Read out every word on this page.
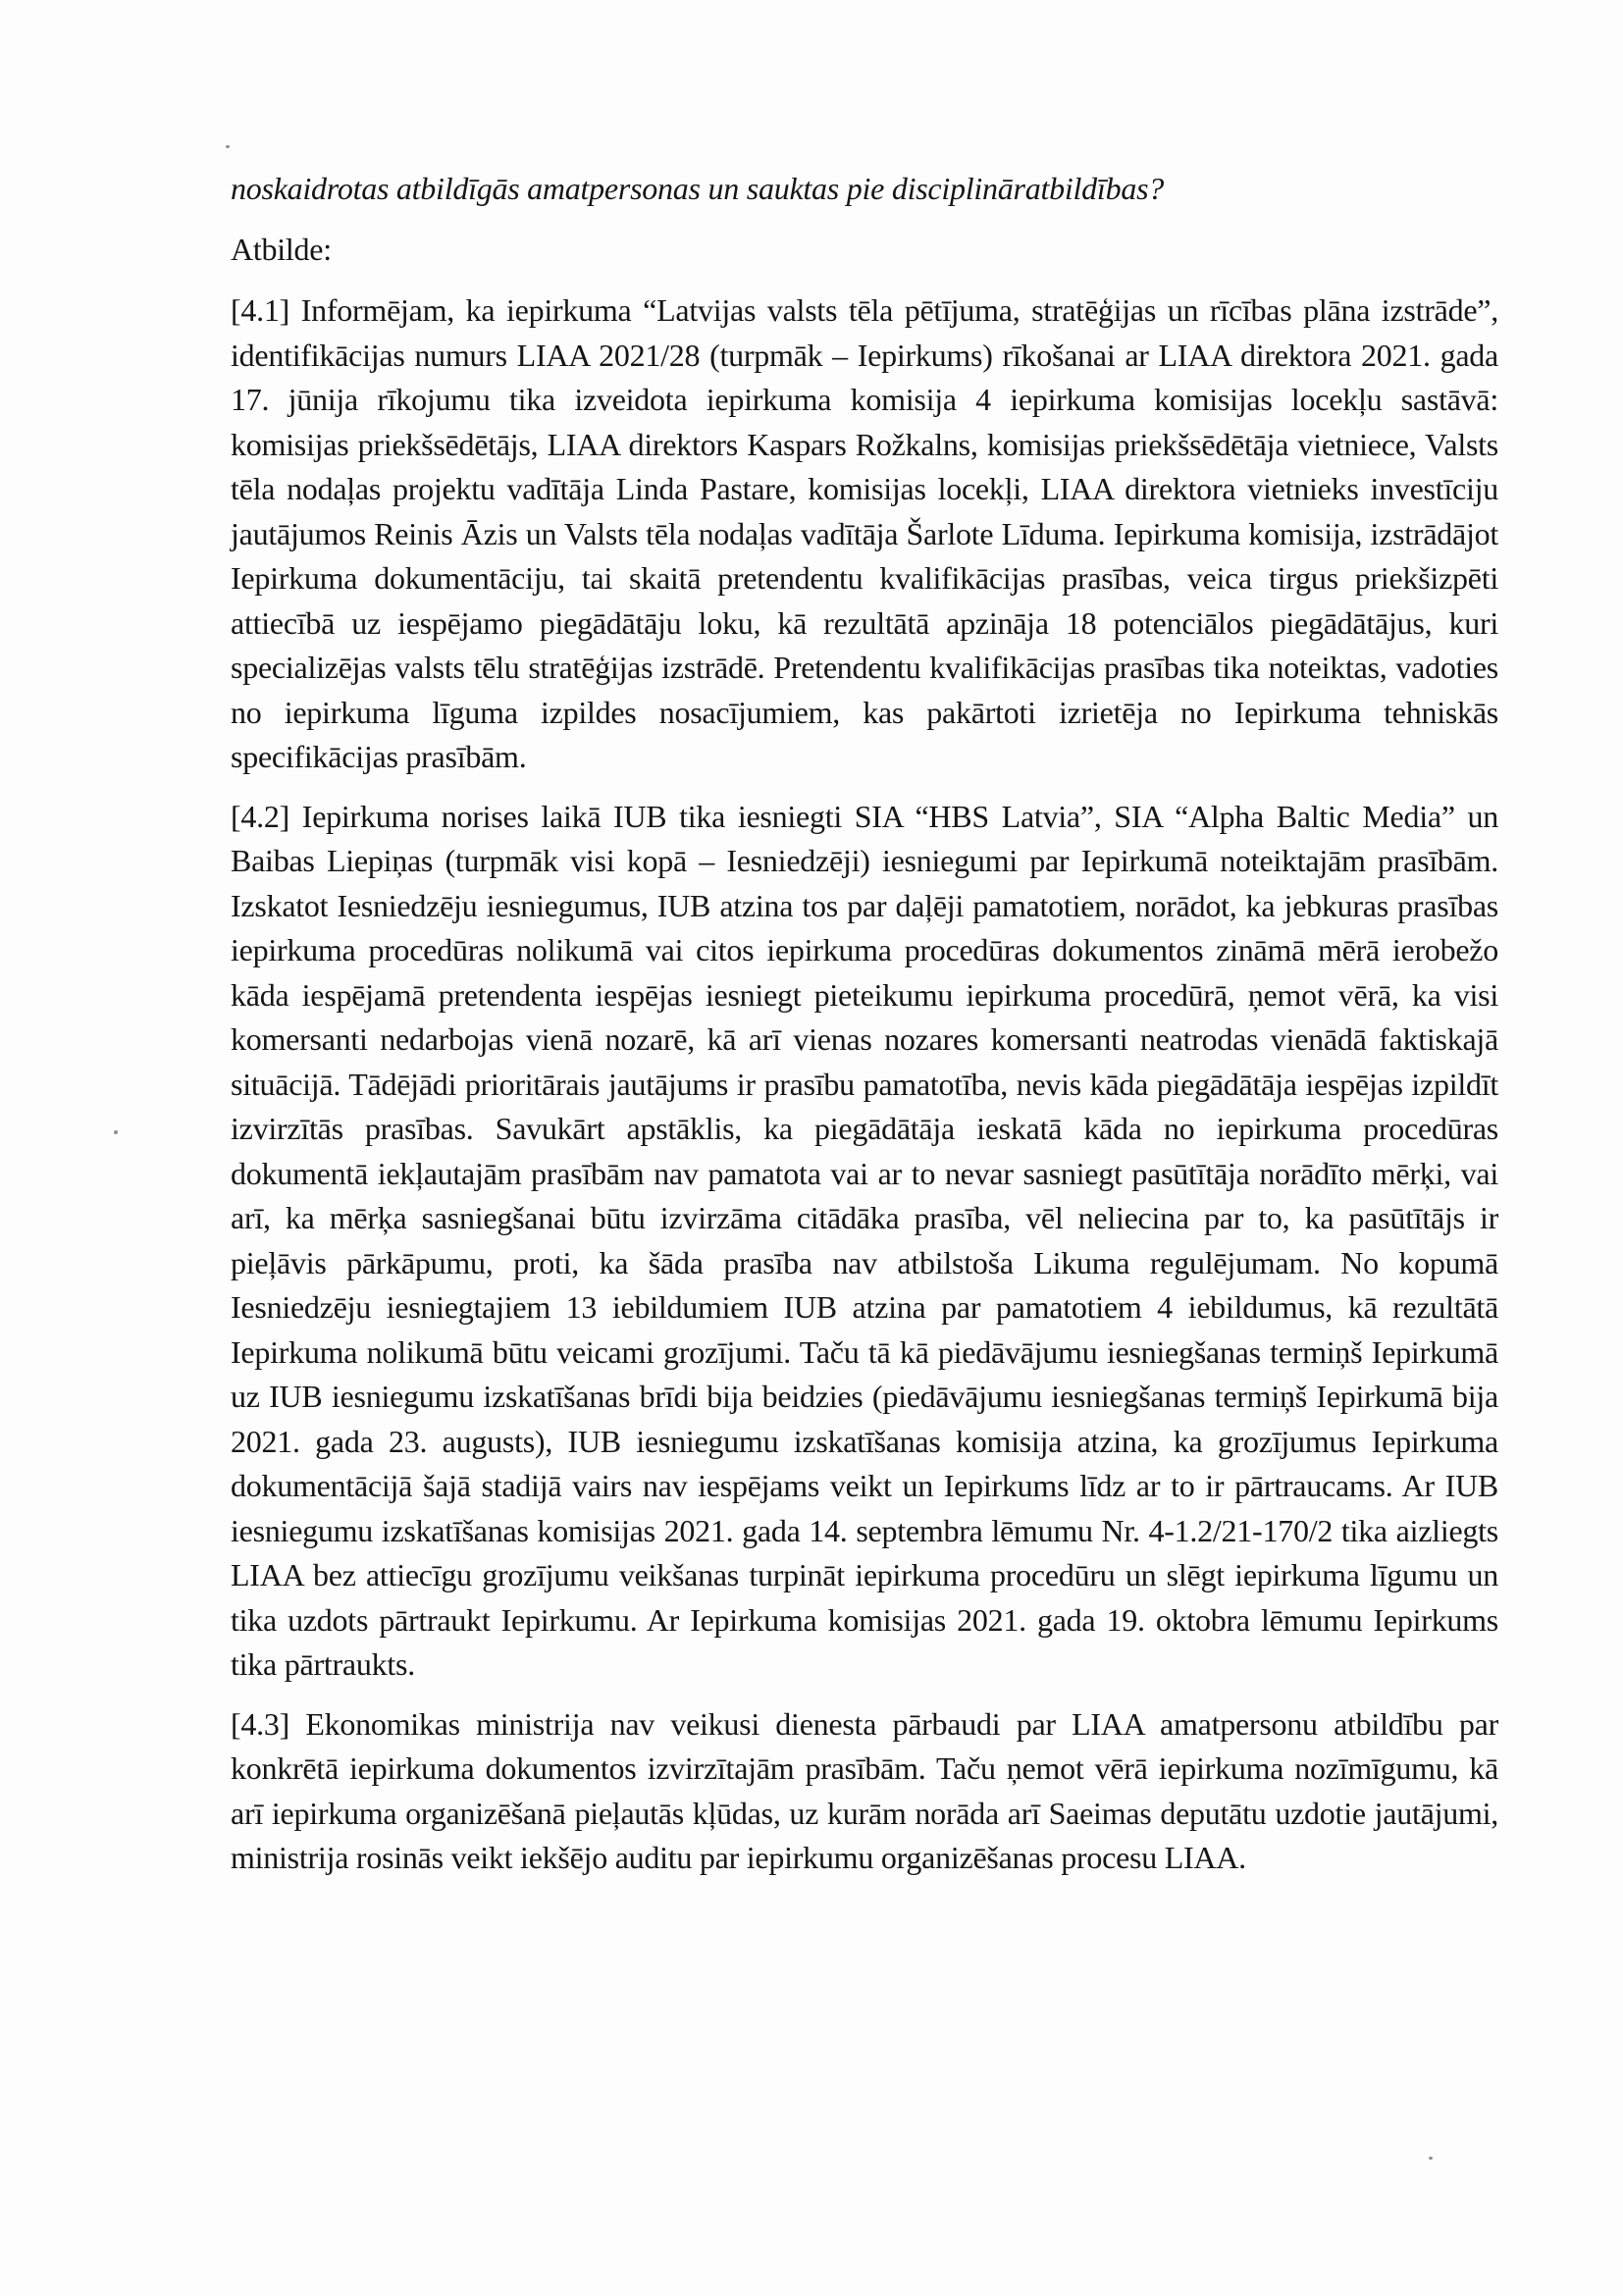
noskaidrotas atbildīgās amatpersonas un sauktas pie disciplināratbildības?

Atbilde:

[4.1] Informējam, ka iepirkuma “Latvijas valsts tēla pētījuma, stratēģijas un rīcības plāna izstrāde”, identifikācijas numurs LIAA 2021/28 (turpmāk – Iepirkums) rīkošanai ar LIAA direktora 2021. gada 17. jūnija rīkojumu tika izveidota iepirkuma komisija 4 iepirkuma komisijas locekļu sastāvā: komisijas priekšsēdētājs, LIAA direktors Kaspars Rožkalns, komisijas priekšsēdētāja vietniece, Valsts tēla nodaļas projektu vadītāja Linda Pastare, komisijas locekļi, LIAA direktora vietnieks investīciju jautājumos Reinis Āzis un Valsts tēla nodaļas vadītāja Šarlote Līduma. Iepirkuma komisija, izstrādājot Iepirkuma dokumentāciju, tai skaitā pretendentu kvalifikācijas prasības, veica tirgus priekšizpēti attiecībā uz iespējamo piegādātāju loku, kā rezultātā apzināja 18 potenciālos piegādātājus, kuri specializējas valsts tēlu stratēģijas izstrādē. Pretendentu kvalifikācijas prasības tika noteiktas, vadoties no iepirkuma līguma izpildes nosacījumiem, kas pakārtoti izrietēja no Iepirkuma tehniskās specifikācijas prasībām.

[4.2] Iepirkuma norises laikā IUB tika iesniegti SIA “HBS Latvia”, SIA “Alpha Baltic Media” un Baibas Liepiņas (turpmāk visi kopā – Iesniedzēji) iesniegumi par Iepirkumā noteiktajām prasībām. Izskatot Iesniedzēju iesniegumus, IUB atzina tos par daļēji pamatotiem, norādot, ka jebkuras prasības iepirkuma procedūras nolikumā vai citos iepirkuma procedūras dokumentos zināmā mērā ierobežo kāda iespējamā pretendenta iespējas iesniegt pieteikumu iepirkuma procedūrā, ņemot vērā, ka visi komersanti nedarbojas vienā nozarē, kā arī vienas nozares komersanti neatrodas vienādā faktiskajā situācijā. Tādējādi prioritārais jautājums ir prasību pamatotība, nevis kāda piegādātāja iespējas izpildīt izvirzītās prasības. Savukārt apstāklis, ka piegādātāja ieskatā kāda no iepirkuma procedūras dokumentā iekļautajām prasībām nav pamatota vai ar to nevar sasniegt pasūtītāja norādīto mērķi, vai arī, ka mērķa sasniegšanai būtu izvirzāma citādāka prasība, vēl neliecina par to, ka pasūtītājs ir pieļāvis pārkāpumu, proti, ka šāda prasība nav atbilstoša Likuma regulējumam. No kopumā Iesniedzēju iesniegtajiem 13 iebildumiem IUB atzina par pamatotiem 4 iebildumus, kā rezultātā Iepirkuma nolikumā būtu veicami grozījumi. Taču tā kā piedāvājumu iesniegšanas termiņš Iepirkumā uz IUB iesniegumu izskatīšanas brīdi bija beidzies (piedāvājumu iesniegšanas termiņš Iepirkumā bija 2021. gada 23. augusts), IUB iesniegumu izskatīšanas komisija atzina, ka grozījumus Iepirkuma dokumentācijā šajā stadijā vairs nav iespējams veikt un Iepirkums līdz ar to ir pārtraucams. Ar IUB iesniegumu izskatīšanas komisijas 2021. gada 14. septembra lēmumu Nr. 4-1.2/21-170/2 tika aizliegts LIAA bez attiecīgu grozījumu veikšanas turpināt iepirkuma procedūru un slēgt iepirkuma līgumu un tika uzdots pārtraukt Iepirkumu. Ar Iepirkuma komisijas 2021. gada 19. oktobra lēmumu Iepirkums tika pārtraukts.

[4.3] Ekonomikas ministrija nav veikusi dienesta pārbaudi par LIAA amatpersonu atbildību par konkrētā iepirkuma dokumentos izvirzītajām prasībām. Taču ņemot vērā iepirkuma nozīmīgumu, kā arī iepirkuma organizēšanā pieļautās kļūdas, uz kurām norāda arī Saeimas deputātu uzdotie jautājumi, ministrija rosinās veikt iekšējo auditu par iepirkumu organizēšanas procesu LIAA.
